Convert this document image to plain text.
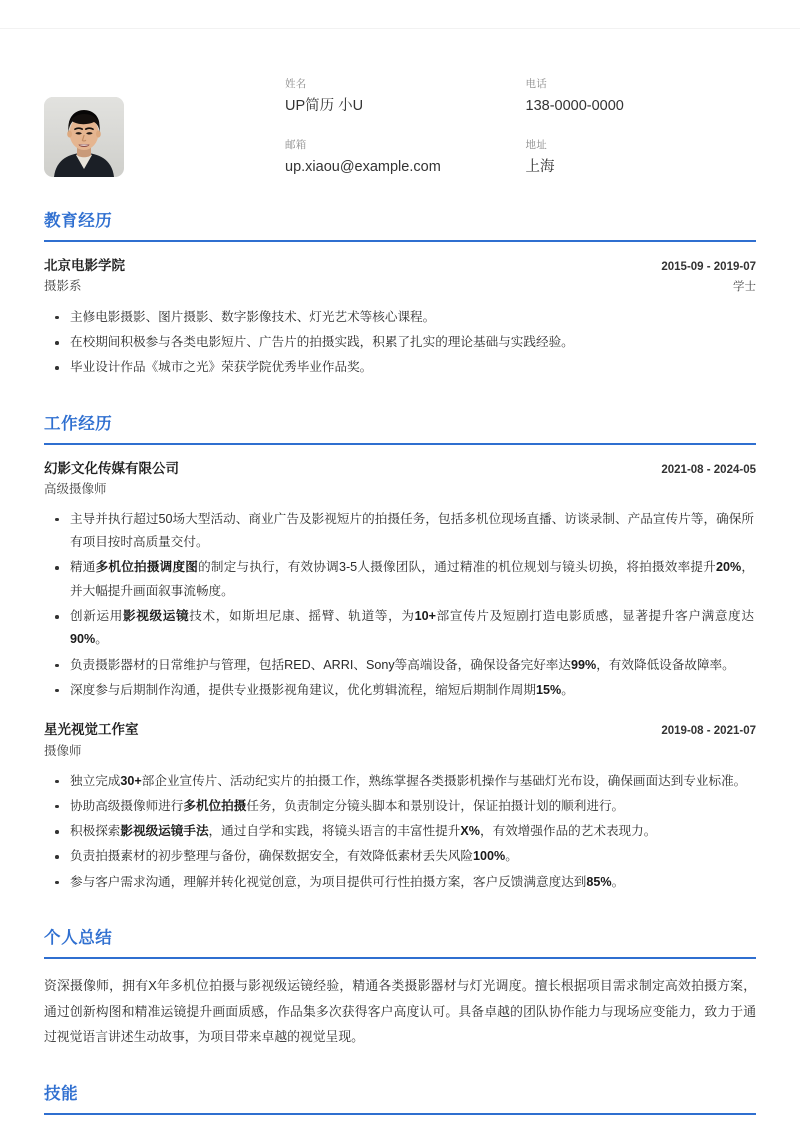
姓名
UP简历 小U
电话
138-0000-0000
邮箱
up.xiaou@example.com
地址
上海
教育经历
北京电影学院	2015-09 - 2019-07
摄影系	学士
主修电影摄影、图片摄影、数字影像技术、灯光艺术等核心课程。
在校期间积极参与各类电影短片、广告片的拍摄实践，积累了扎实的理论基础与实践经验。
毕业设计作品《城市之光》荣获学院优秀毕业作品奖。
工作经历
幻影文化传媒有限公司	2021-08 - 2024-05
高级摄像师
主导并执行超过50场大型活动、商业广告及影视短片的拍摄任务，包括多机位现场直播、访谈录制、产品宣传片等，确保所有项目按时高质量交付。
精通多机位拍摄调度图的制定与执行，有效协调3-5人摄像团队，通过精准的机位规划与镜头切换，将拍摄效率提升20%，并大幅提升画面叙事流畅度。
创新运用影视级运镜技术，如斯坦尼康、摇臂、轨道等，为10+部宣传片及短剧打造电影质感，显著提升客户满意度达90%。
负责摄影器材的日常维护与管理，包括RED、ARRI、Sony等高端设备，确保设备完好率达99%，有效降低设备故障率。
深度参与后期制作沟通，提供专业摄影视角建议，优化剪辑流程，缩短后期制作周期15%。
星光视觉工作室	2019-08 - 2021-07
摄像师
独立完成30+部企业宣传片、活动纪实片的拍摄工作，熟练掌握各类摄影机操作与基础灯光布设，确保画面达到专业标准。
协助高级摄像师进行多机位拍摄任务，负责制定分镜头脚本和景别设计，保证拍摄计划的顺利进行。
积极探索影视级运镜手法，通过自学和实践，将镜头语言的丰富性提升X%，有效增强作品的艺术表现力。
负责拍摄素材的初步整理与备份，确保数据安全，有效降低素材丢失风险100%。
参与客户需求沟通，理解并转化视觉创意，为项目提供可行性拍摄方案，客户反馈满意度达到85%。
个人总结
资深摄像师，拥有X年多机位拍摄与影视级运镜经验，精通各类摄影器材与灯光调度。擅长根据项目需求制定高效拍摄方案，通过创新构图和精准运镜提升画面质感，作品集多次获得客户高度认可。具备卓越的团队协作能力与现场应变能力，致力于通过视觉语言讲述生动故事，为项目带来卓越的视觉呈现。
技能
